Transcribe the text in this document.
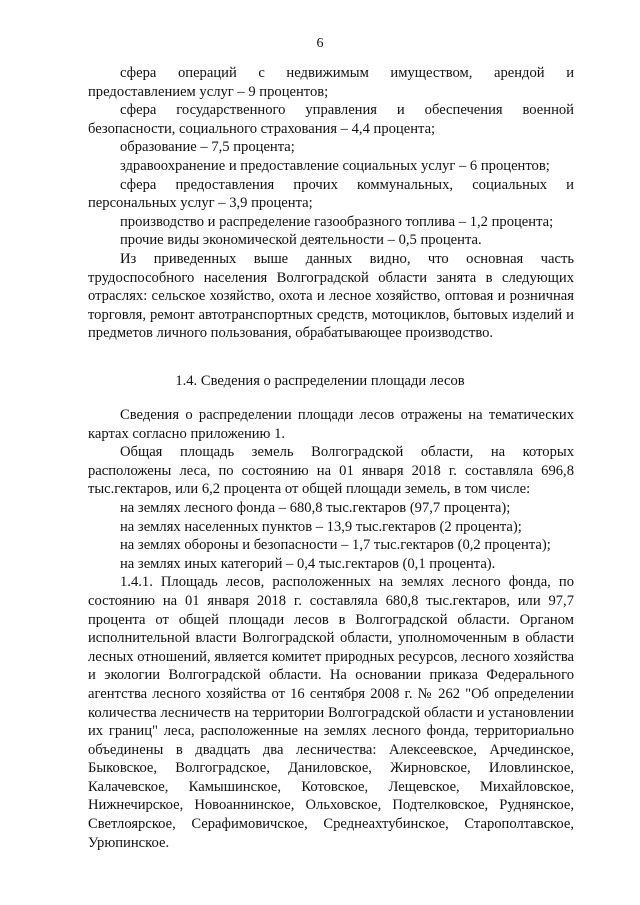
6

сфера операций с недвижимым имуществом, арендой и предоставлением услуг – 9 процентов;

сфера государственного управления и обеспечения военной безопасности, социального страхования – 4,4 процента;

образование – 7,5 процента;

здравоохранение и предоставление социальных услуг – 6 процентов;

сфера предоставления прочих коммунальных, социальных и персональных услуг – 3,9 процента;

производство и распределение газообразного топлива – 1,2 процента;

прочие виды экономической деятельности – 0,5 процента.

Из приведенных выше данных видно, что основная часть трудоспособного населения Волгоградской области занята в следующих отраслях: сельское хозяйство, охота и лесное хозяйство, оптовая и розничная торговля, ремонт автотранспортных средств, мотоциклов, бытовых изделий и предметов личного пользования, обрабатывающее производство.

1.4. Сведения о распределении площади лесов

Сведения о распределении площади лесов отражены на тематических картах согласно приложению 1.

Общая площадь земель Волгоградской области, на которых расположены леса, по состоянию на 01 января 2018 г. составляла 696,8 тыс.гектаров, или 6,2 процента от общей площади земель, в том числе:

на землях лесного фонда – 680,8 тыс.гектаров (97,7 процента);

на землях населенных пунктов – 13,9 тыс.гектаров (2 процента);

на землях обороны и безопасности – 1,7 тыс.гектаров (0,2 процента);

на землях иных категорий – 0,4 тыс.гектаров (0,1 процента).

1.4.1. Площадь лесов, расположенных на землях лесного фонда, по состоянию на 01 января 2018 г. составляла 680,8 тыс.гектаров, или 97,7 процента от общей площади лесов в Волгоградской области. Органом исполнительной власти Волгоградской области, уполномоченным в области лесных отношений, является комитет природных ресурсов, лесного хозяйства и экологии Волгоградской области. На основании приказа Федерального агентства лесного хозяйства от 16 сентября 2008 г. № 262 "Об определении количества лесничеств на территории Волгоградской области и установлении их границ" леса, расположенные на землях лесного фонда, территориально объединены в двадцать два лесничества: Алексеевское, Арчединское, Быковское, Волгоградское, Даниловское, Жирновское, Иловлинское, Калачевское, Камышинское, Котовское, Лещевское, Михайловское, Нижнечирское, Новоаннинское, Ольховское, Подтелковское, Руднянское, Светлоярское, Серафимовичское, Среднеахтубинское, Старополтавское, Урюпинское.
